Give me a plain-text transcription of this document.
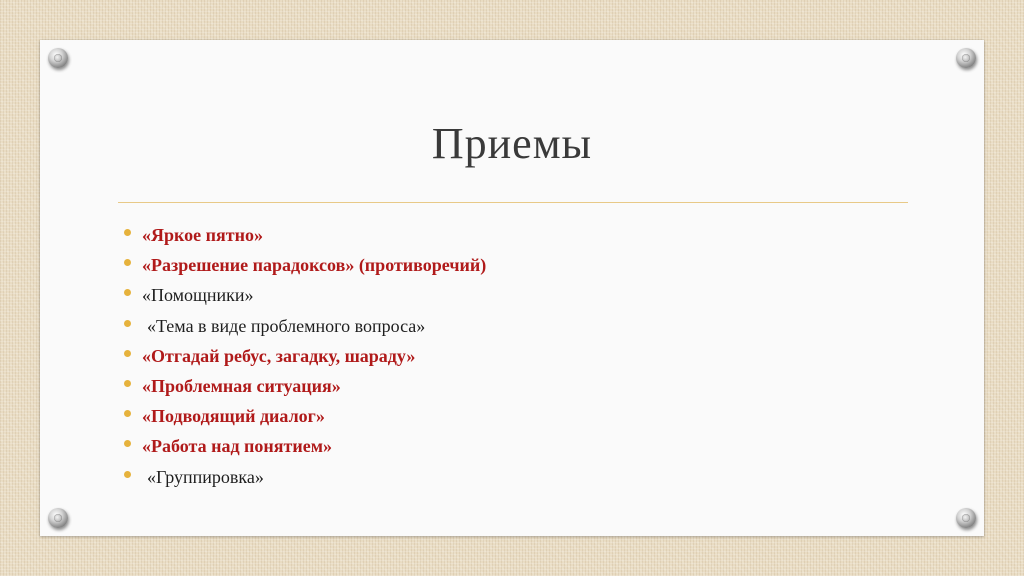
Приемы
«Яркое пятно»
«Разрешение парадоксов» (противоречий)
«Помощники»
«Тема в виде проблемного вопроса»
«Отгадай ребус, загадку, шараду»
«Проблемная ситуация»
«Подводящий диалог»
«Работа над понятием»
«Группировка»
